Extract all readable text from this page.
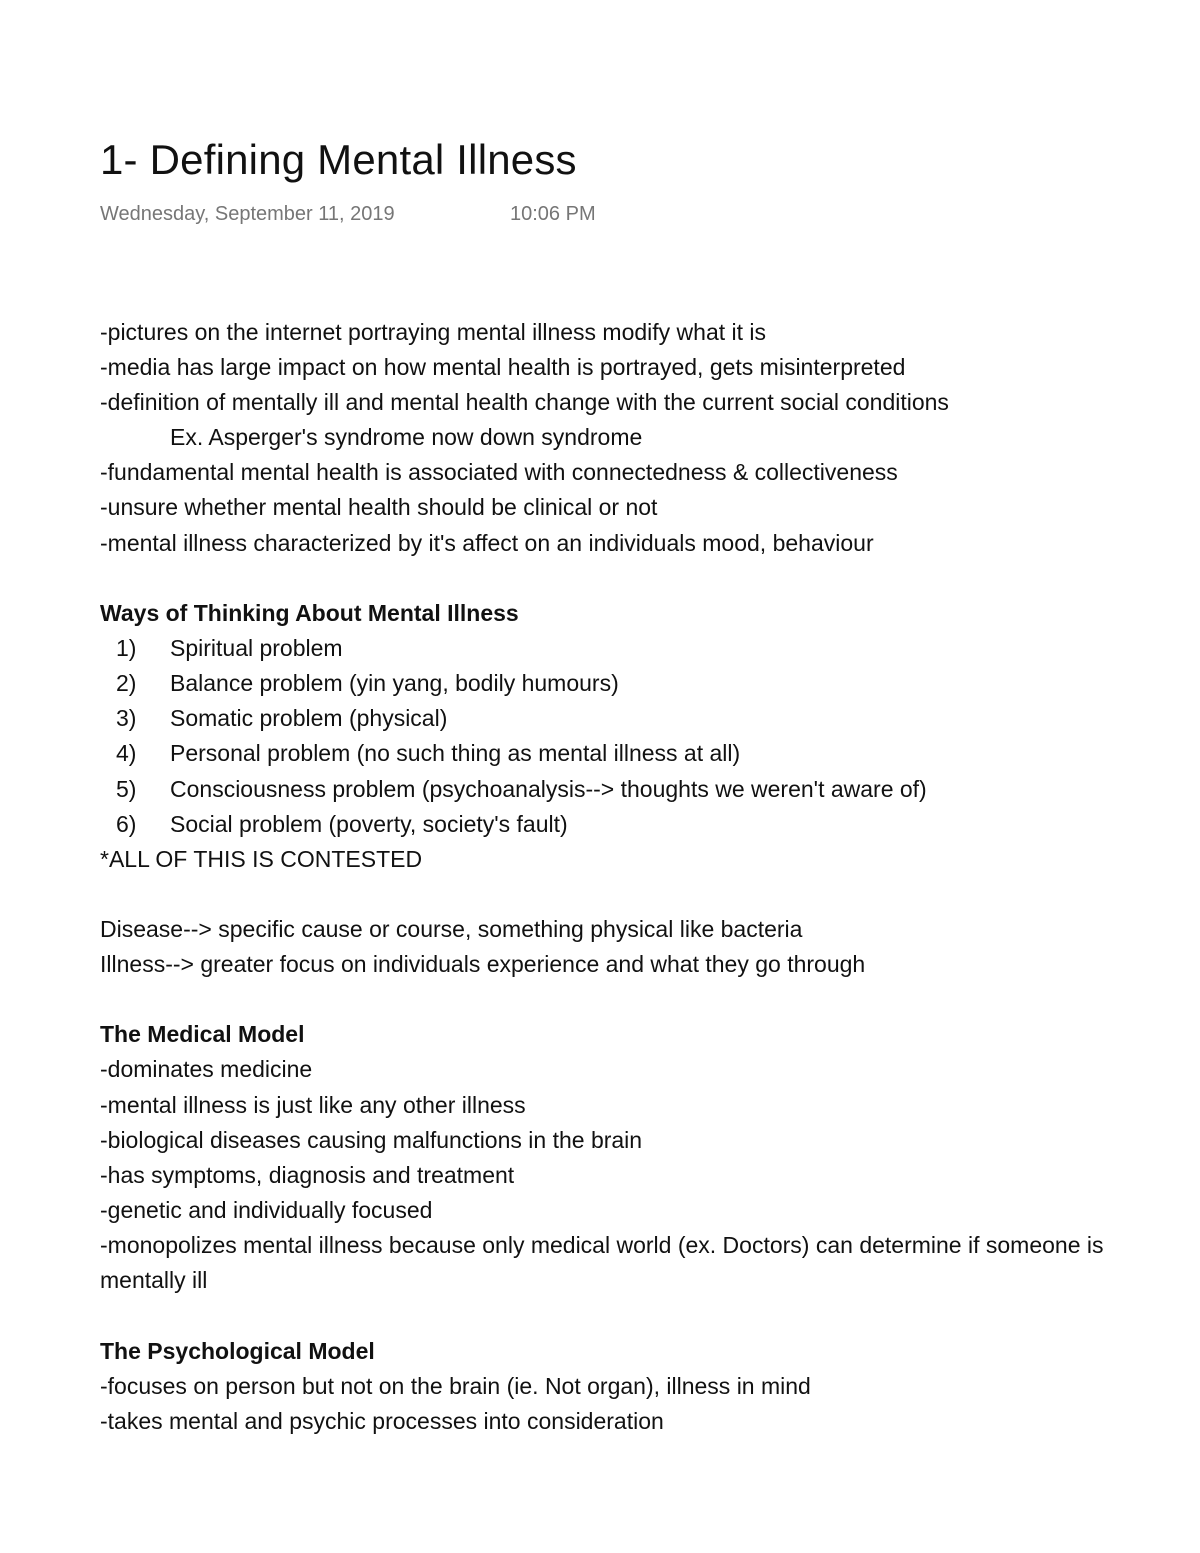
1- Defining Mental Illness
Wednesday, September 11, 2019	10:06 PM
-pictures on the internet portraying mental illness modify what it is
-media has large impact on how mental health is portrayed, gets misinterpreted
-definition of mentally ill and mental health change with the current social conditions
Ex. Asperger's syndrome now down syndrome
-fundamental mental health is associated with connectedness & collectiveness
-unsure whether mental health should be clinical or not
-mental illness characterized by it's affect on an individuals mood, behaviour
Ways of Thinking About Mental Illness
1) Spiritual problem
2) Balance problem (yin yang, bodily humours)
3) Somatic problem (physical)
4) Personal problem (no such thing as mental illness at all)
5) Consciousness problem (psychoanalysis--> thoughts we weren't aware of)
6) Social problem (poverty, society's fault)
*ALL OF THIS IS CONTESTED
Disease--> specific cause or course, something physical like bacteria
Illness--> greater focus on individuals experience and what they go through
The Medical Model
-dominates medicine
-mental illness is just like any other illness
-biological diseases causing malfunctions in the brain
-has symptoms, diagnosis and treatment
-genetic and individually focused
-monopolizes mental illness because only medical world (ex. Doctors) can determine if someone is
mentally ill
The Psychological Model
-focuses on person but not on the brain (ie. Not organ), illness in mind
-takes mental and psychic processes into consideration
